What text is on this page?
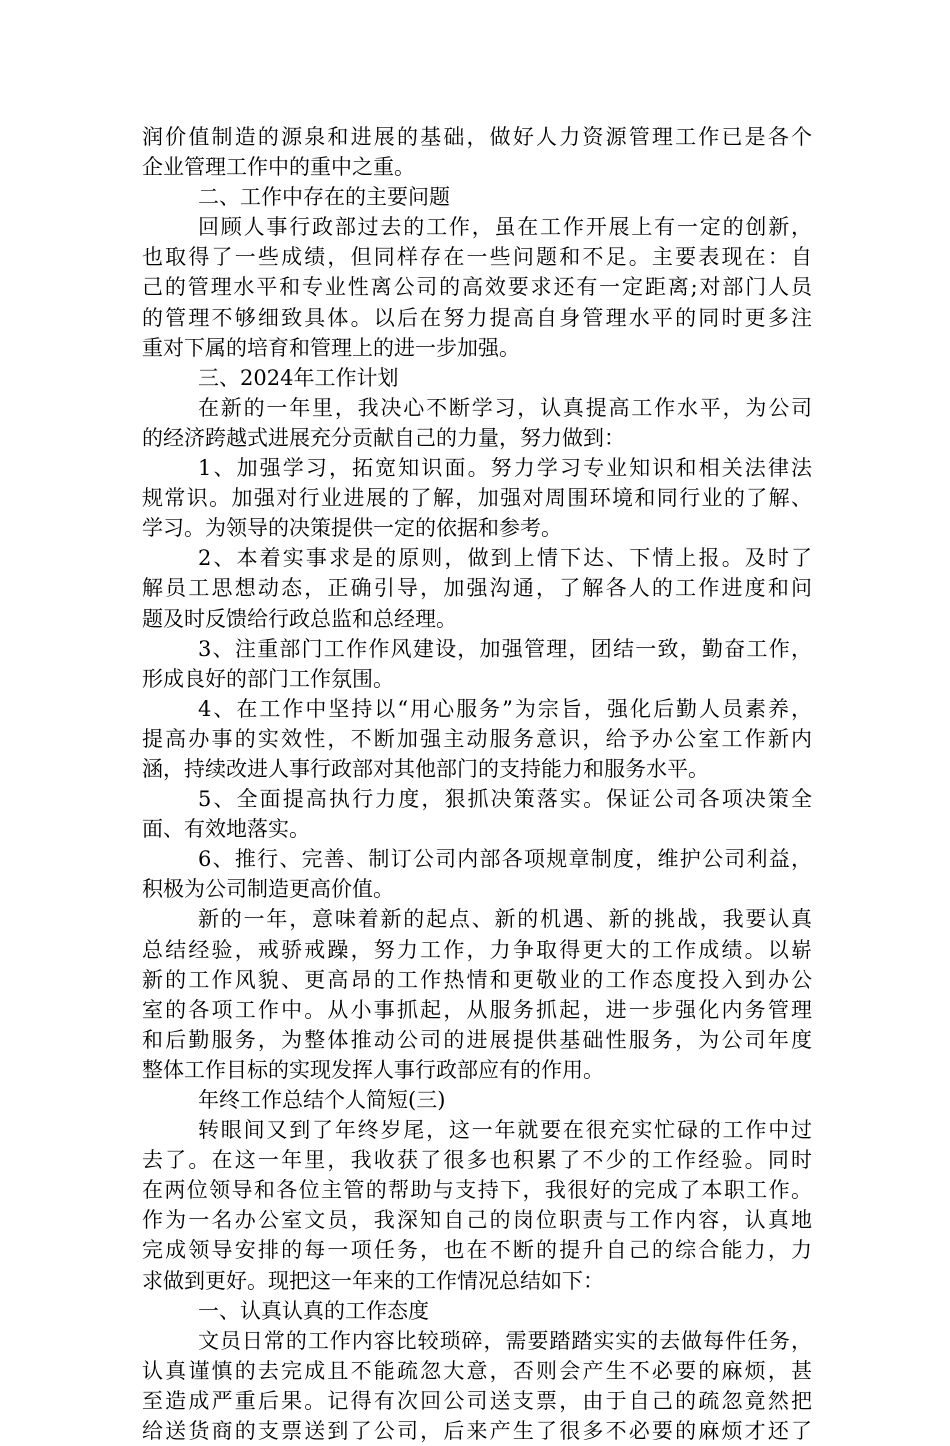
润价值制造的源泉和进展的基础，做好人力资源管理工作已是各个
企业管理工作中的重中之重。
二、工作中存在的主要问题
回顾人事行政部过去的工作，虽在工作开展上有一定的创新，
也取得了一些成绩，但同样存在一些问题和不足。主要表现在：自
己的管理水平和专业性离公司的高效要求还有一定距离;对部门人员
的管理不够细致具体。以后在努力提高自身管理水平的同时更多注
重对下属的培育和管理上的进一步加强。
三、2024年工作计划
在新的一年里，我决心不断学习，认真提高工作水平，为公司
的经济跨越式进展充分贡献自己的力量，努力做到：
1、加强学习，拓宽知识面。努力学习专业知识和相关法律法
规常识。加强对行业进展的了解，加强对周围环境和同行业的了解、
学习。为领导的决策提供一定的依据和参考。
2、本着实事求是的原则，做到上情下达、下情上报。及时了
解员工思想动态，正确引导，加强沟通，了解各人的工作进度和问
题及时反馈给行政总监和总经理。
3、注重部门工作作风建设，加强管理，团结一致，勤奋工作，
形成良好的部门工作氛围。
4、在工作中坚持以“用心服务”为宗旨，强化后勤人员素养，
提高办事的实效性，不断加强主动服务意识，给予办公室工作新内
涵，持续改进人事行政部对其他部门的支持能力和服务水平。
5、全面提高执行力度，狠抓决策落实。保证公司各项决策全
面、有效地落实。
6、推行、完善、制订公司内部各项规章制度，维护公司利益，
积极为公司制造更高价值。
新的一年，意味着新的起点、新的机遇、新的挑战，我要认真
总结经验，戒骄戒躁，努力工作，力争取得更大的工作成绩。以崭
新的工作风貌、更高昂的工作热情和更敬业的工作态度投入到办公
室的各项工作中。从小事抓起，从服务抓起，进一步强化内务管理
和后勤服务，为整体推动公司的进展提供基础性服务，为公司年度
整体工作目标的实现发挥人事行政部应有的作用。
年终工作总结个人简短(三)
转眼间又到了年终岁尾，这一年就要在很充实忙碌的工作中过
去了。在这一年里，我收获了很多也积累了不少的工作经验。同时
在两位领导和各位主管的帮助与支持下，我很好的完成了本职工作。
作为一名办公室文员，我深知自己的岗位职责与工作内容，认真地
完成领导安排的每一项任务，也在不断的提升自己的综合能力，力
求做到更好。现把这一年来的工作情况总结如下：
一、认真认真的工作态度
文员日常的工作内容比较琐碎，需要踏踏实实的去做每件任务，
认真谨慎的去完成且不能疏忽大意，否则会产生不必要的麻烦，甚
至造成严重后果。记得有次回公司送支票，由于自己的疏忽竟然把
给送货商的支票送到了公司，后来产生了很多不必要的麻烦才还了
